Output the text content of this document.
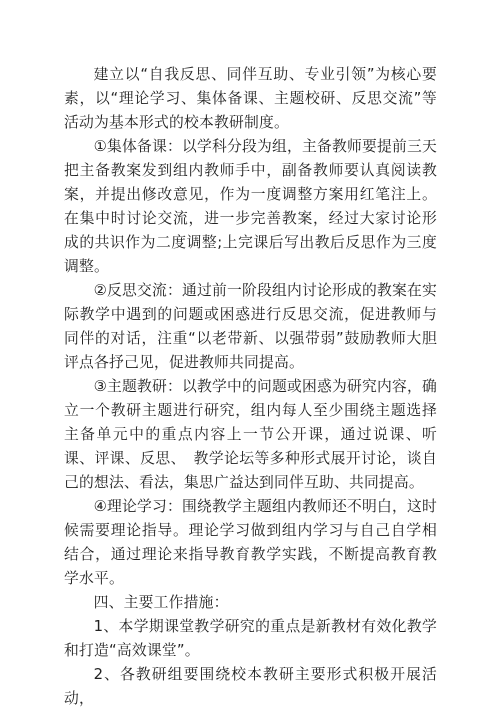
建立以“自我反思、同伴互助、专业引领”为核心要素，以“理论学习、集体备课、主题校研、反思交流”等活动为基本形式的校本教研制度。

①集体备课：以学科分段为组，主备教师要提前三天把主备教案发到组内教师手中，副备教师要认真阅读教案，并提出修改意见，作为一度调整方案用红笔注上。在集中时讨论交流，进一步完善教案，经过大家讨论形成的共识作为二度调整;上完课后写出教后反思作为三度调整。

②反思交流：通过前一阶段组内讨论形成的教案在实际教学中遇到的问题或困惑进行反思交流，促进教师与同伴的对话，注重“以老带新、以强带弱”鼓励教师大胆评点各抒己见，促进教师共同提高。

③主题教研：以教学中的问题或困惑为研究内容，确立一个教研主题进行研究，组内每人至少围绕主题选择主备单元中的重点内容上一节公开课，通过说课、听课、评课、反思、　教学论坛等多种形式展开讨论，谈自己的想法、看法，集思广益达到同伴互助、共同提高。

④理论学习：围绕教学主题组内教师还不明白，这时候需要理论指导。理论学习做到组内学习与自己自学相结合，通过理论来指导教育教学实践，不断提高教育教学水平。

四、主要工作措施：

1、本学期课堂教学研究的重点是新教材有效化教学和打造“高效课堂”。

2、各教研组要围绕校本教研主要形式积极开展活动，
